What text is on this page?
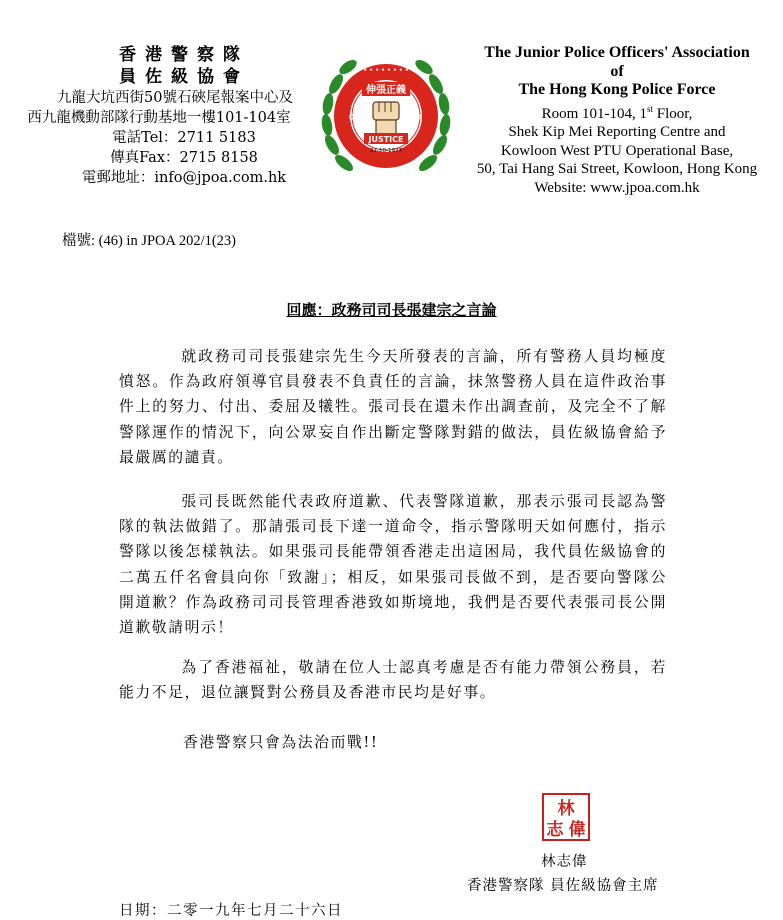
香港警察隊
員佐級協會
九龍大坑西街50號石硤尾報案中心及
西九龍機動部隊行動基地一樓101-104室
電話Tel：2711 5183
傳真Fax：2715 8158
電郵地址：info@jpoa.com.hk
• • • • • • • • • •
伸張正義
JUSTICE
27-10-1977
✡	✡
The Junior Police Officers' Association
of
The Hong Kong Police Force
Room 101-104, 1st Floor,
Shek Kip Mei Reporting Centre and
Kowloon West PTU Operational Base,
50, Tai Hang Sai Street, Kowloon, Hong Kong
Website: www.jpoa.com.hk
檔號: (46) in JPOA 202/1(23)
回應：政務司司長張建宗之言論
就政務司司長張建宗先生今天所發表的言論，所有警務人員均極度憤怒。作為政府領導官員發表不負責任的言論，抹煞警務人員在這件政治事件上的努力、付出、委屈及犧牲。張司長在還未作出調查前，及完全不了解警隊運作的情況下，向公眾妄自作出斷定警隊對錯的做法，員佐級協會給予最嚴厲的譴責。
張司長既然能代表政府道歉、代表警隊道歉，那表示張司長認為警隊的執法做錯了。那請張司長下達一道命令，指示警隊明天如何應付，指示警隊以後怎樣執法。如果張司長能帶領香港走出這困局，我代員佐級協會的二萬五仟名會員向你「致謝」；相反，如果張司長做不到，是否要向警隊公開道歉？作為政務司司長管理香港致如斯境地，我們是否要代表張司長公開道歉敬請明示！
為了香港福祉，敬請在位人士認真考慮是否有能力帶領公務員，若能力不足，退位讓賢對公務員及香港市民均是好事。
香港警察只會為法治而戰!!
林
志 偉
林志偉
香港警察隊 員佐級協會主席
日期：二零一九年七月二十六日
